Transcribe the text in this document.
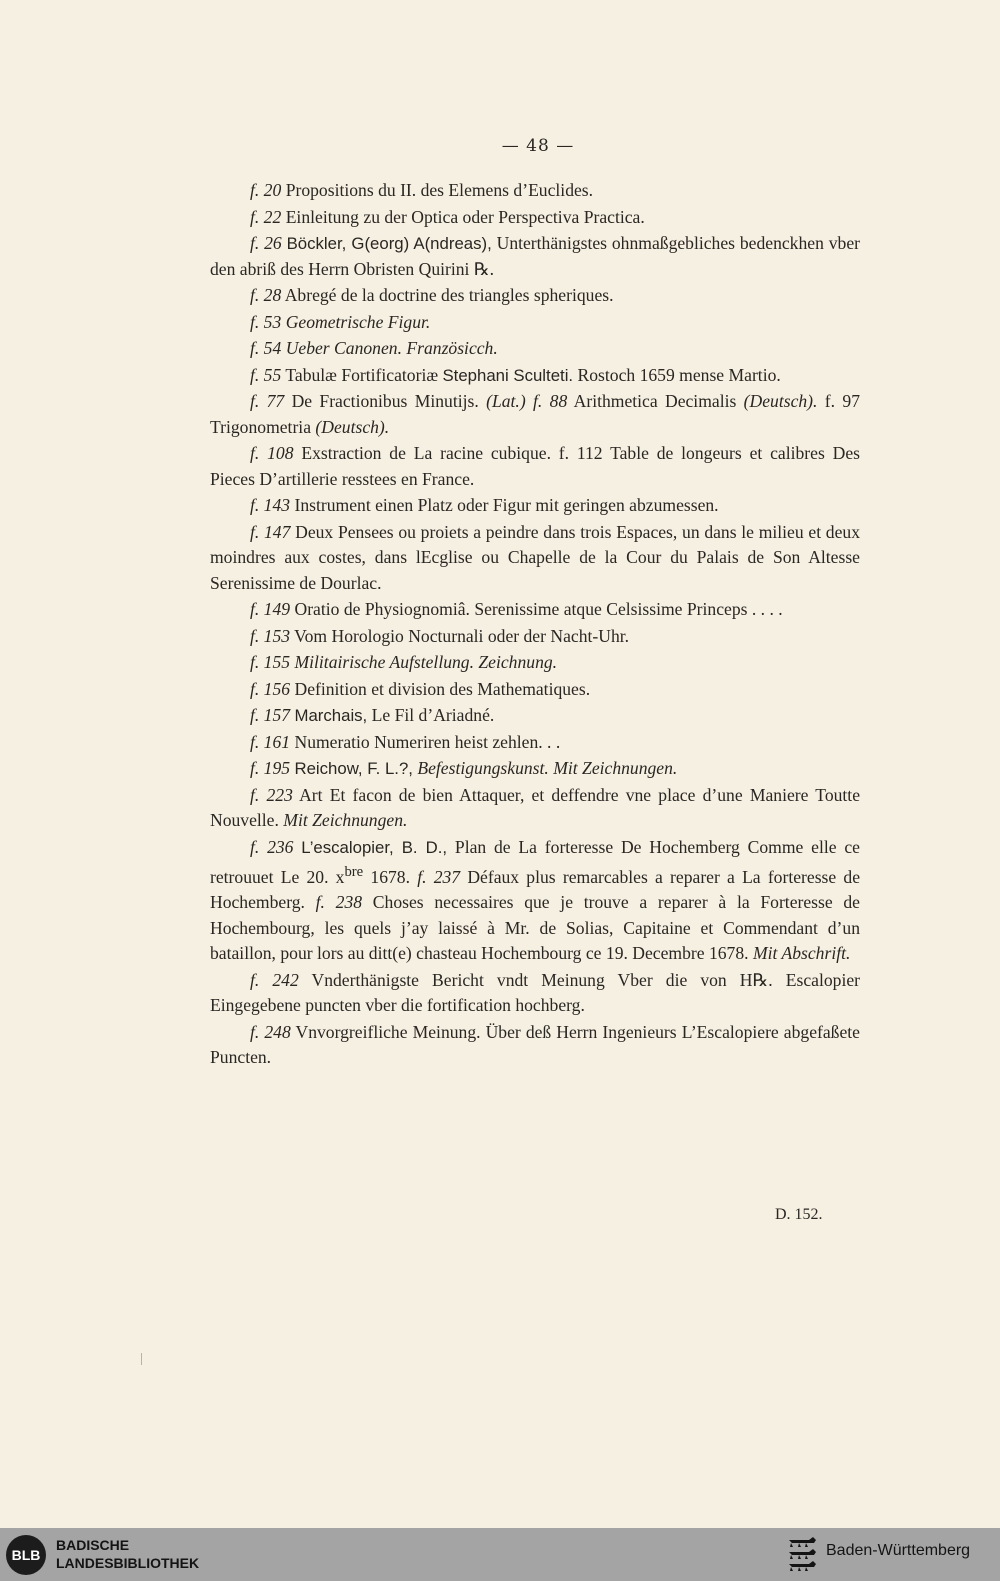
— 48 —

f. 20 Propositions du II. des Elemens d’Euclides.

f. 22 Einleitung zu der Optica oder Perspectiva Practica.

f. 26 Böckler, G(eorg) A(ndreas), Unterthänigstes ohnmaßgebliches bedenckhen vber den abriß des Herrn Obristen Quirini ℞.

f. 28 Abregé de la doctrine des triangles spheriques.

f. 53 Geometrische Figur.

f. 54 Ueber Canonen. Französicch.

f. 55 Tabulæ Fortificatoriæ Stephani Sculteti. Rostoch 1659 mense Martio.

f. 77 De Fractionibus Minutijs. (Lat.) f. 88 Arithmetica Decimalis (Deutsch). f. 97 Trigonometria (Deutsch).

f. 108 Exstraction de La racine cubique. f. 112 Table de longeurs et calibres Des Pieces D’artillerie resstees en France.

f. 143 Instrument einen Platz oder Figur mit geringen abzumessen.

f. 147 Deux Pensees ou proiets a peindre dans trois Espaces, un dans le milieu et deux moindres aux costes, dans lEcglise ou Chapelle de la Cour du Palais de Son Altesse Serenissime de Dourlac.

f. 149 Oratio de Physiognomiâ. Serenissime atque Celsissime Princeps . . . .

f. 153 Vom Horologio Nocturnali oder der Nacht-Uhr.

f. 155 Militairische Aufstellung. Zeichnung.

f. 156 Definition et division des Mathematiques.

f. 157 Marchais, Le Fil d’Ariadné.

f. 161 Numeratio Numeriren heist zehlen. . .

f. 195 Reichow, F. L.?, Befestigungskunst. Mit Zeichnungen.

f. 223 Art Et facon de bien Attaquer, et deffendre vne place d’une Maniere Toutte Nouvelle. Mit Zeichnungen.

f. 236 L’escalopier, B. D., Plan de La forteresse De Hochemberg Comme elle ce retrouuet Le 20. $x^{bre}$ 1678. f. 237 Défaux plus remarcables a reparer a La forteresse de Hochemberg. f. 238 Choses necessaires que je trouve a reparer à la Forteresse de Hochembourg, les quels j’ay laissé à Mr. de Solias, Capitaine et Commendant d’un bataillon, pour lors au ditt(e) chasteau Hochembourg ce 19. Decembre 1678. Mit Abschrift.

f. 242 Vnderthänigste Bericht vndt Meinung Vber die von H℞. Escalopier Eingegebene puncten vber die fortification hochberg.

f. 248 Vnvorgreifliche Meinung. Über deß Herrn Ingenieurs L’Escalopiere abgefaßete Puncten.

D. 152.
BLB
BADISCHE
LANDESBIBLIOTHEK
Baden-Württemberg
